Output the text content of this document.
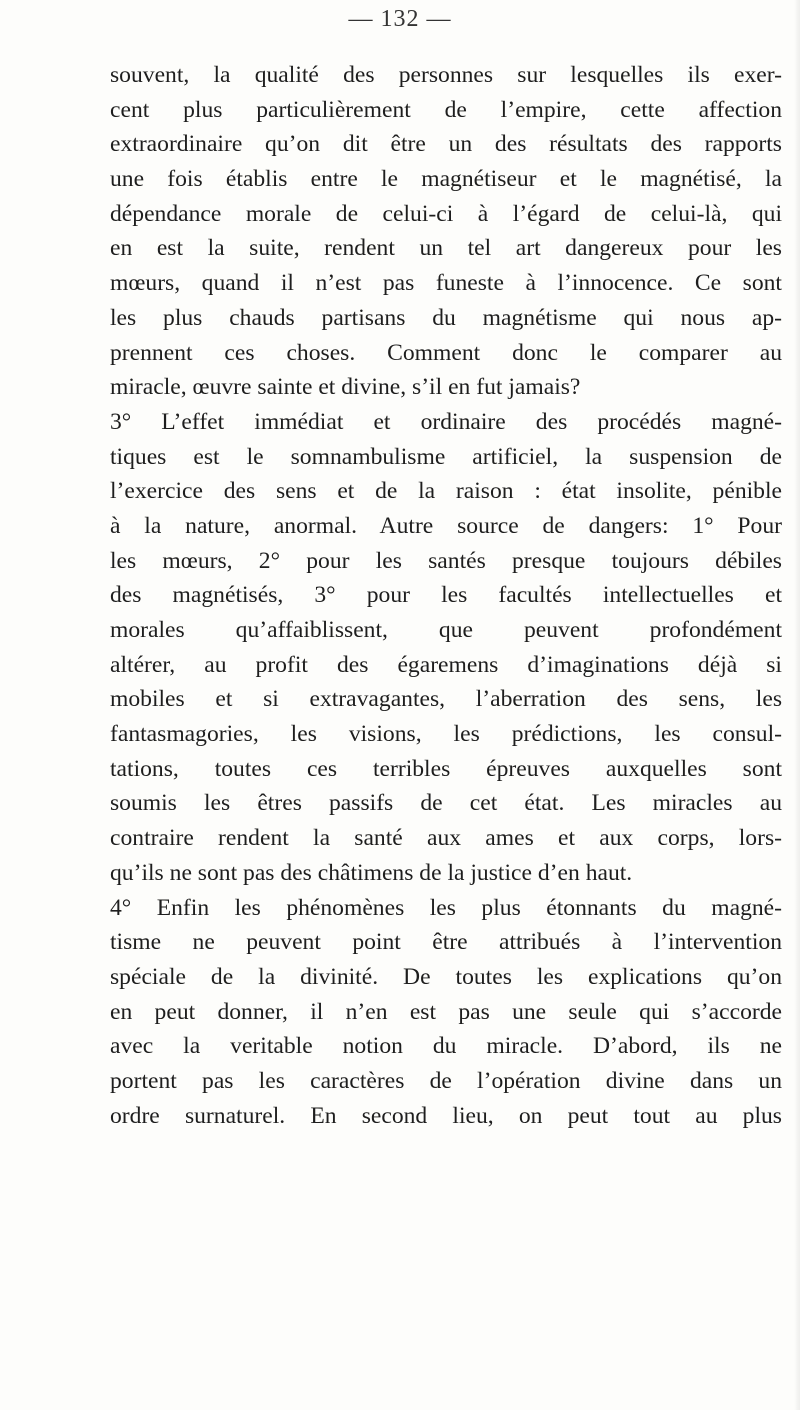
— 132 —
souvent, la qualité des personnes sur lesquelles ils exer-
cent plus particulièrement de l’empire, cette affection
extraordinaire qu’on dit être un des résultats des rapports
une fois établis entre le magnétiseur et le magnétisé, la
dépendance morale de celui-ci à l’égard de celui-là, qui
en est la suite, rendent un tel art dangereux pour les
mœurs, quand il n’est pas funeste à l’innocence. Ce sont
les plus chauds partisans du magnétisme qui nous ap-
prennent ces choses. Comment donc le comparer au
miracle, œuvre sainte et divine, s’il en fut jamais?
3° L’effet immédiat et ordinaire des procédés magné-
tiques est le somnambulisme artificiel, la suspension de
l’exercice des sens et de la raison : état insolite, pénible
à la nature, anormal. Autre source de dangers: 1° Pour
les mœurs, 2° pour les santés presque toujours débiles
des magnétisés, 3° pour les facultés intellectuelles et
morales qu’affaiblissent, que peuvent profondément
altérer, au profit des égaremens d’imaginations déjà si
mobiles et si extravagantes, l’aberration des sens, les
fantasmagories, les visions, les prédictions, les consul-
tations, toutes ces terribles épreuves auxquelles sont
soumis les êtres passifs de cet état. Les miracles au
contraire rendent la santé aux ames et aux corps, lors-
qu’ils ne sont pas des châtimens de la justice d’en haut.
4° Enfin les phénomènes les plus étonnants du magné-
tisme ne peuvent point être attribués à l’intervention
spéciale de la divinité. De toutes les explications qu’on
en peut donner, il n’en est pas une seule qui s’accorde
avec la veritable notion du miracle. D’abord, ils ne
portent pas les caractères de l’opération divine dans un
ordre surnaturel. En second lieu, on peut tout au plus
